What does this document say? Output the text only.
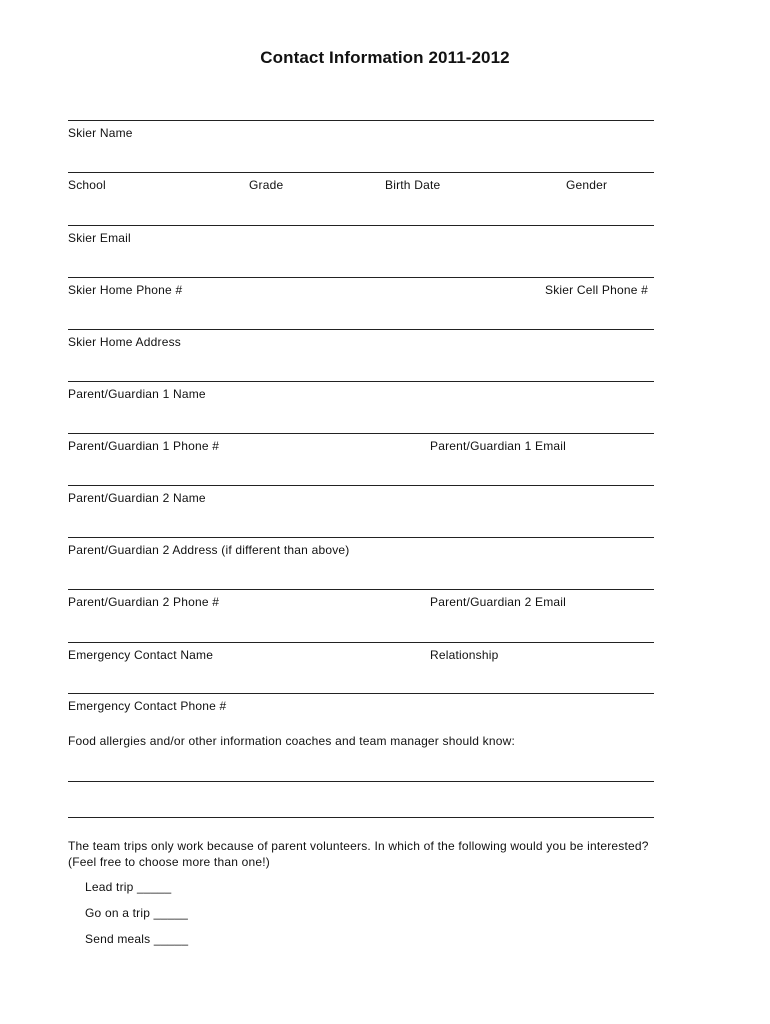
Contact Information 2011-2012
Skier Name
School	Grade	Birth Date	Gender
Skier Email
Skier Home Phone #	Skier Cell Phone #
Skier Home Address
Parent/Guardian 1 Name
Parent/Guardian 1 Phone #	Parent/Guardian 1 Email
Parent/Guardian 2 Name
Parent/Guardian 2 Address (if different than above)
Parent/Guardian 2 Phone #	Parent/Guardian 2 Email
Emergency Contact Name	Relationship
Emergency Contact Phone #
Food allergies and/or other information coaches and team manager should know:
The team trips only work because of parent volunteers. In which of the following would you be interested?
(Feel free to choose more than one!)
Lead trip _____
Go on a trip _____
Send meals _____
